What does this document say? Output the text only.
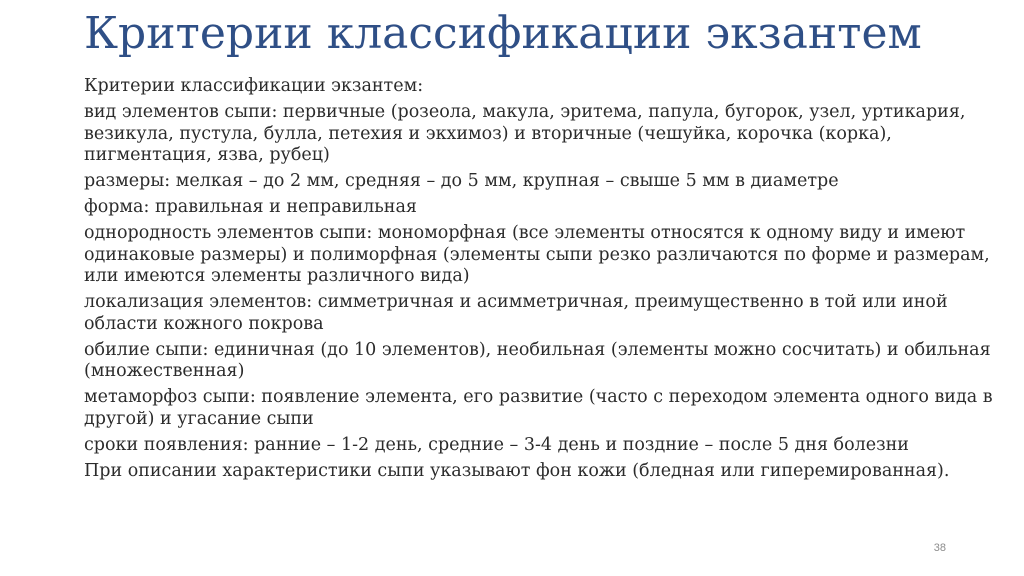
Критерии классификации экзантем
Критерии классификации экзантем:
вид элементов сыпи: первичные (розеола, макула, эритема, папула, бугорок, узел, уртикария, везикула, пустула, булла, петехия и экхимоз) и вторичные (чешуйка, корочка (корка), пигментация, язва, рубец)
размеры: мелкая – до 2 мм, средняя – до 5 мм, крупная – свыше 5 мм в диаметре
форма: правильная и неправильная
однородность элементов сыпи: мономорфная (все элементы относятся к одному виду и имеют одинаковые размеры) и полиморфная (элементы сыпи резко различаются по форме и размерам, или имеются элементы различного вида)
локализация элементов: симметричная и асимметричная, преимущественно в той или иной области кожного покрова
обилие сыпи: единичная (до 10 элементов), необильная (элементы можно сосчитать) и обильная (множественная)
метаморфоз сыпи: появление элемента, его развитие (часто с переходом элемента одного вида в другой) и угасание сыпи
сроки появления: ранние – 1-2 день, средние – 3-4 день и поздние – после 5 дня болезни
При описании характеристики сыпи указывают фон кожи (бледная или гиперемированная).
38
